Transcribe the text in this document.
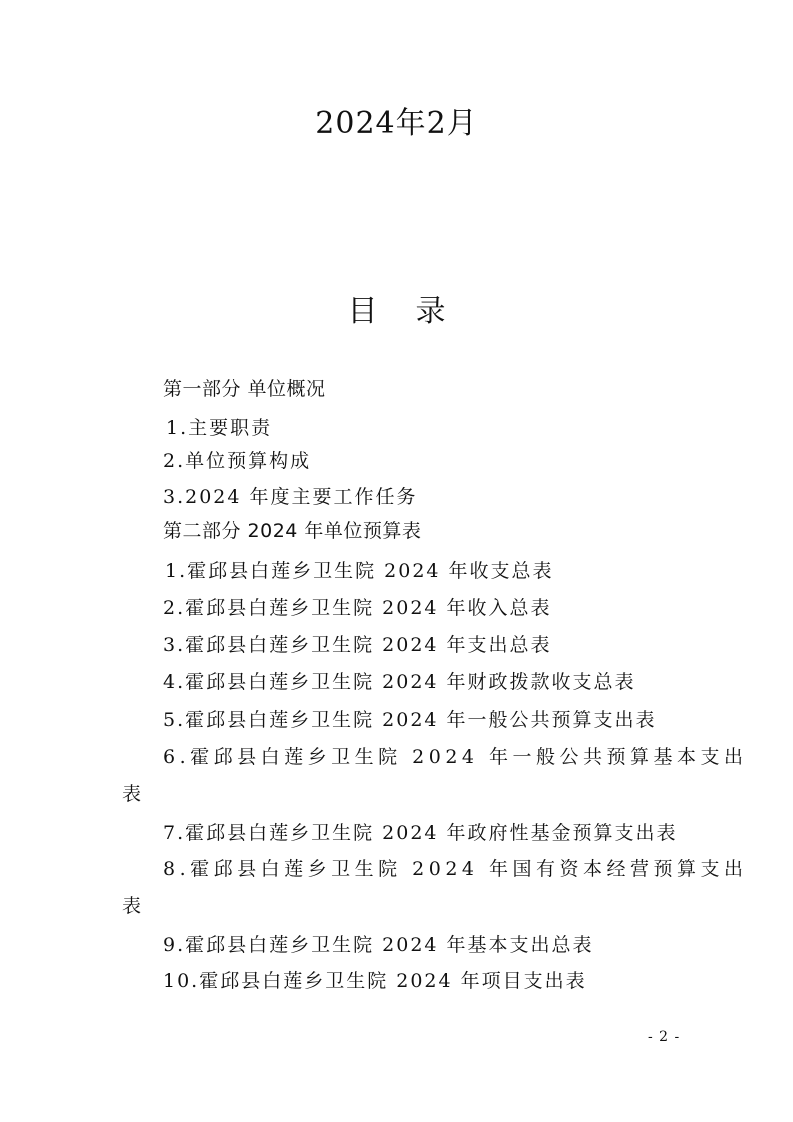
2024年2月
目 录
第一部分 单位概况
1.主要职责
2.单位预算构成
3.2024 年度主要工作任务
第二部分 2024 年单位预算表
1.霍邱县白莲乡卫生院 2024 年收支总表
2.霍邱县白莲乡卫生院 2024 年收入总表
3.霍邱县白莲乡卫生院 2024 年支出总表
4.霍邱县白莲乡卫生院 2024 年财政拨款收支总表
5.霍邱县白莲乡卫生院 2024 年一般公共预算支出表
6.霍邱县白莲乡卫生院 2024 年一般公共预算基本支出
表
7.霍邱县白莲乡卫生院 2024 年政府性基金预算支出表
8.霍邱县白莲乡卫生院 2024 年国有资本经营预算支出
表
9.霍邱县白莲乡卫生院 2024 年基本支出总表
10.霍邱县白莲乡卫生院 2024 年项目支出表
- 2 -
